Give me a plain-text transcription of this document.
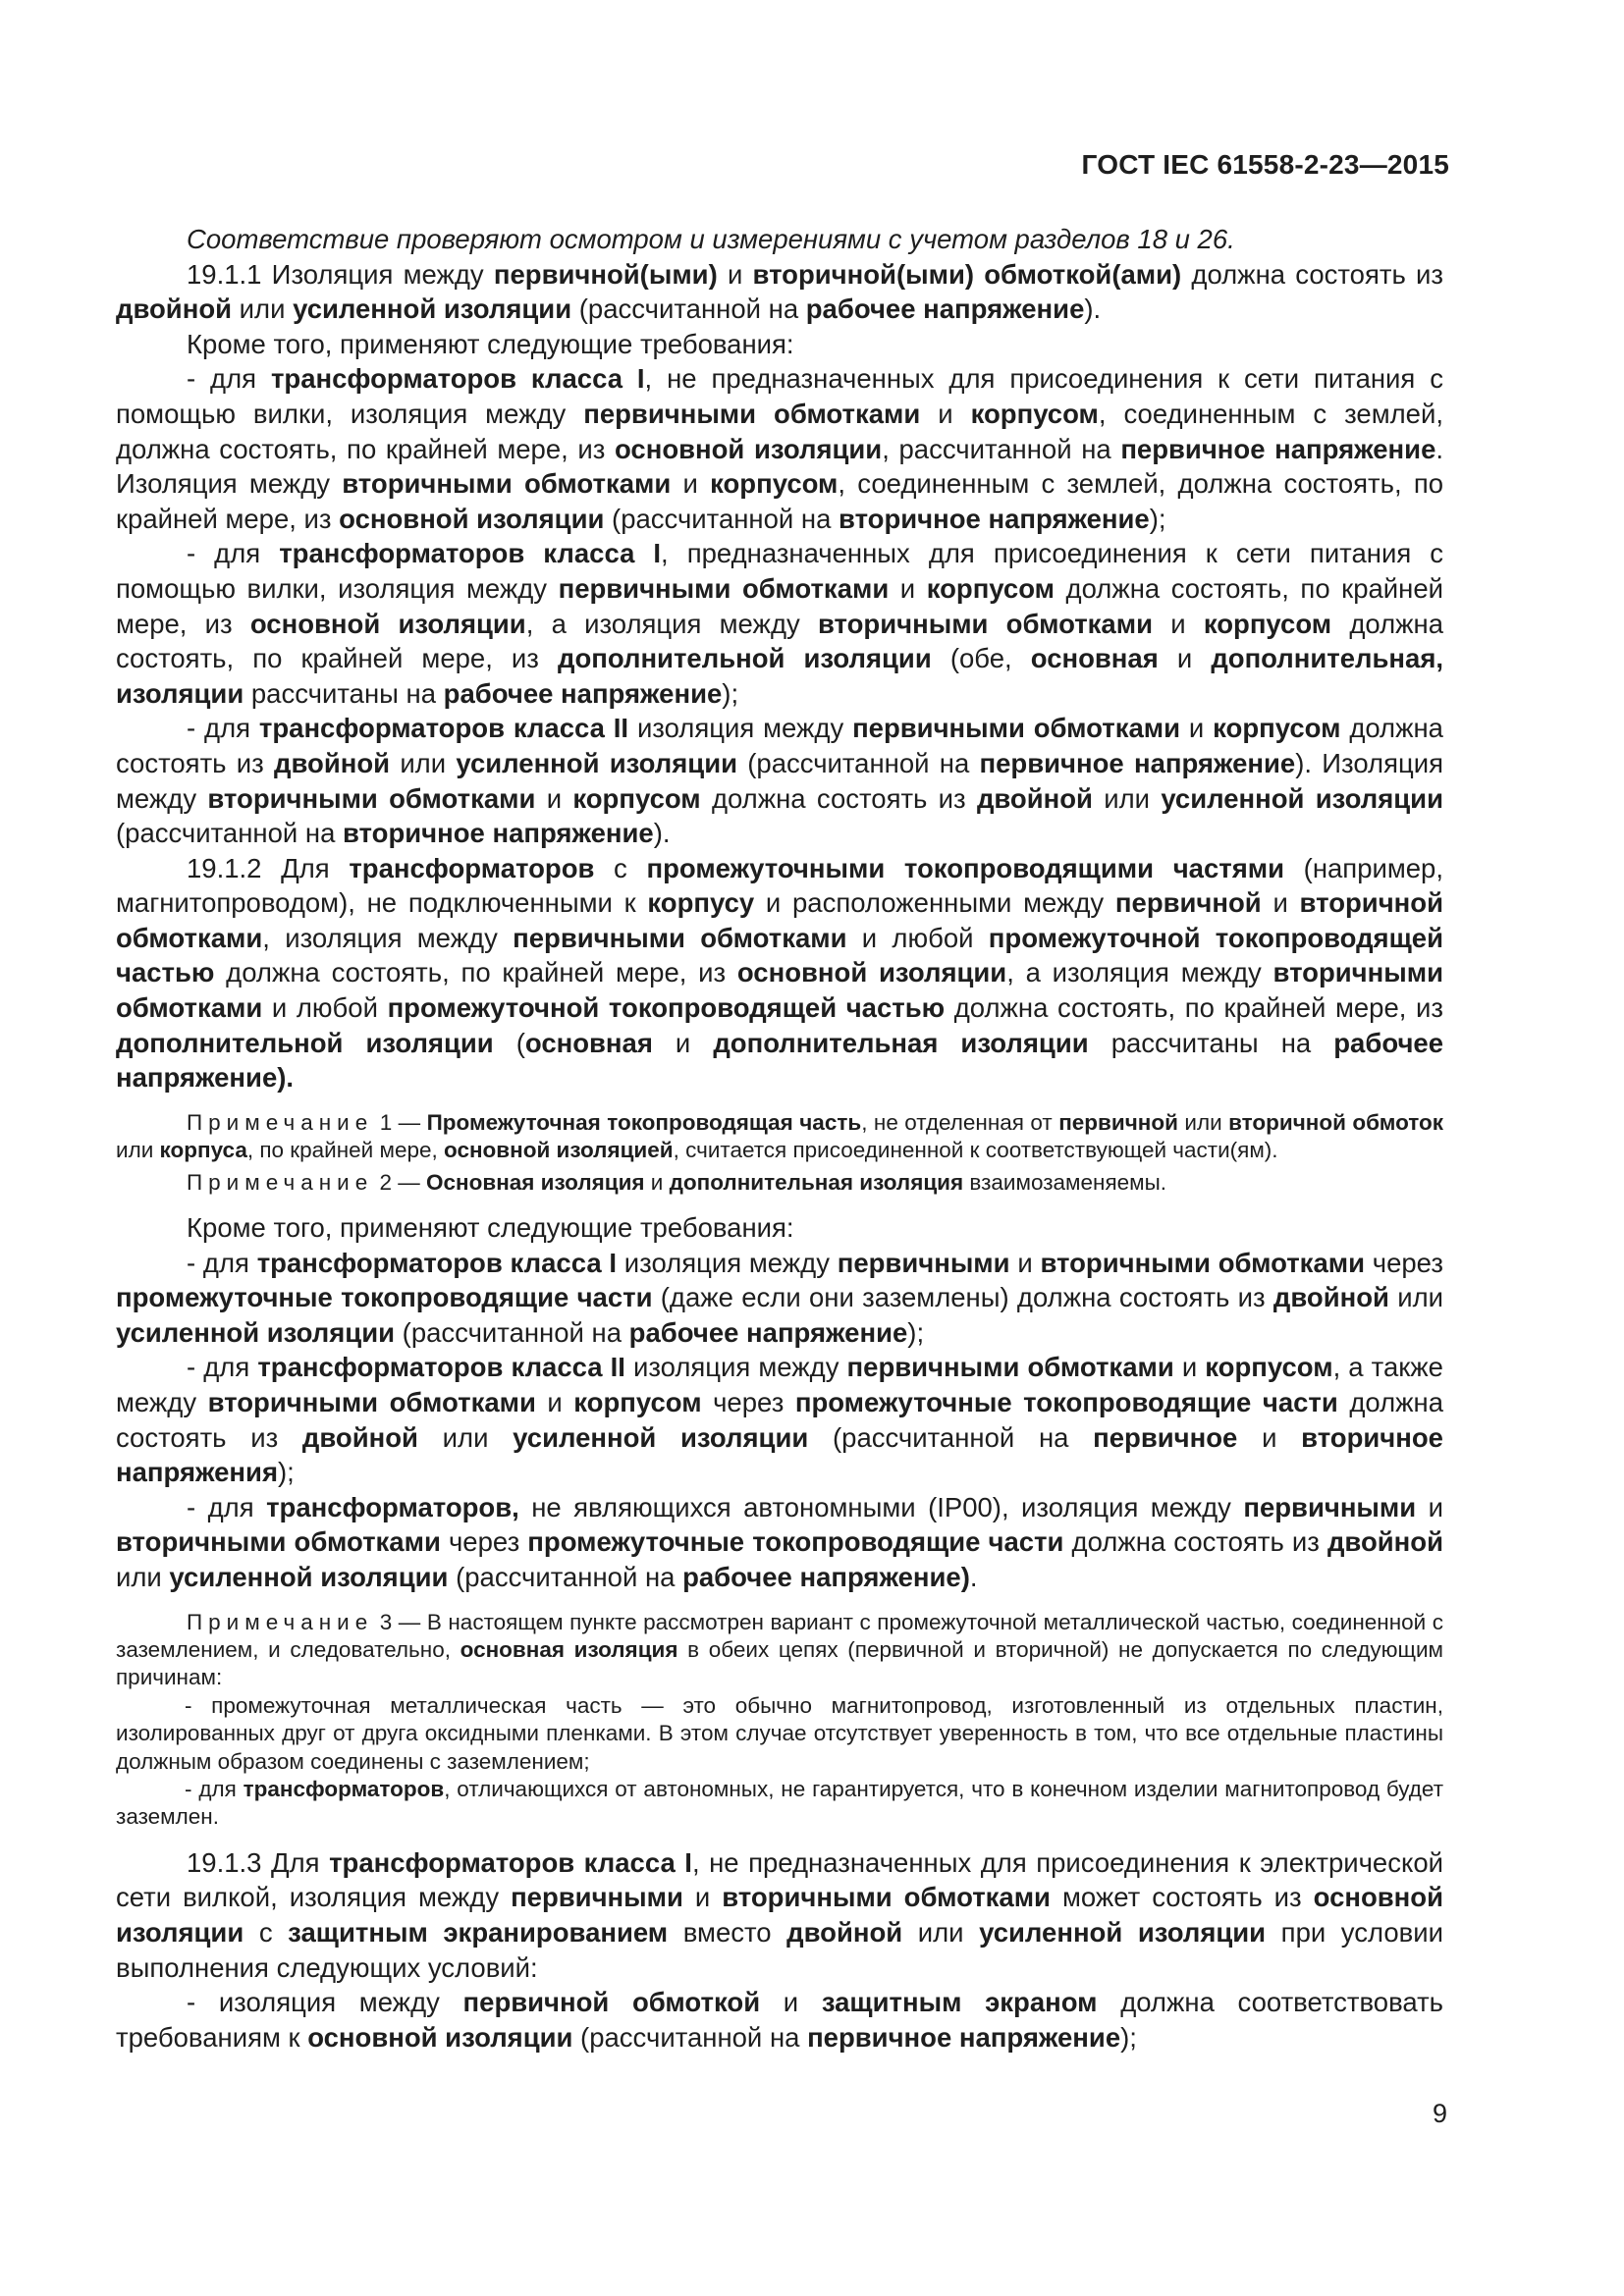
ГОСТ IEC 61558-2-23—2015

Соответствие проверяют осмотром и измерениями с учетом разделов 18 и 26.

19.1.1 Изоляция между первичной(ыми) и вторичной(ыми) обмоткой(ами) должна состоять из двойной или усиленной изоляции (рассчитанной на рабочее напряжение).

Кроме того, применяют следующие требования:

- для трансформаторов класса I, не предназначенных для присоединения к сети питания с помощью вилки, изоляция между первичными обмотками и корпусом, соединенным с землей, должна состоять, по крайней мере, из основной изоляции, рассчитанной на первичное напряжение. Изоляция между вторичными обмотками и корпусом, соединенным с землей, должна состоять, по крайней мере, из основной изоляции (рассчитанной на вторичное напряжение);

- для трансформаторов класса I, предназначенных для присоединения к сети питания с помощью вилки, изоляция между первичными обмотками и корпусом должна состоять, по крайней мере, из основной изоляции, а изоляция между вторичными обмотками и корпусом должна состоять, по крайней мере, из дополнительной изоляции (обе, основная и дополнительная, изоляции рассчитаны на рабочее напряжение);

- для трансформаторов класса II изоляция между первичными обмотками и корпусом должна состоять из двойной или усиленной изоляции (рассчитанной на первичное напряжение). Изоляция между вторичными обмотками и корпусом должна состоять из двойной или усиленной изоляции (рассчитанной на вторичное напряжение).

19.1.2 Для трансформаторов с промежуточными токопроводящими частями (например, магнитопроводом), не подключенными к корпусу и расположенными между первичной и вторичной обмотками, изоляция между первичными обмотками и любой промежуточной токопроводящей частью должна состоять, по крайней мере, из основной изоляции, а изоляция между вторичными обмотками и любой промежуточной токопроводящей частью должна состоять, по крайней мере, из дополнительной изоляции (основная и дополнительная изоляции рассчитаны на рабочее напряжение).

Примечание 1 — Промежуточная токопроводящая часть, не отделенная от первичной или вторичной обмоток или корпуса, по крайней мере, основной изоляцией, считается присоединенной к соответствующей части(ям).

Примечание 2 — Основная изоляция и дополнительная изоляция взаимозаменяемы.

Кроме того, применяют следующие требования:

- для трансформаторов класса I изоляция между первичными и вторичными обмотками через промежуточные токопроводящие части (даже если они заземлены) должна состоять из двойной или усиленной изоляции (рассчитанной на рабочее напряжение);

- для трансформаторов класса II изоляция между первичными обмотками и корпусом, а также между вторичными обмотками и корпусом через промежуточные токопроводящие части должна состоять из двойной или усиленной изоляции (рассчитанной на первичное и вторичное напряжения);

- для трансформаторов, не являющихся автономными (IP00), изоляция между первичными и вторичными обмотками через промежуточные токопроводящие части должна состоять из двойной или усиленной изоляции (рассчитанной на рабочее напряжение).

Примечание 3 — В настоящем пункте рассмотрен вариант с промежуточной металлической частью, соединенной с заземлением, и следовательно, основная изоляция в обеих цепях (первичной и вторичной) не допускается по следующим причинам:

- промежуточная металлическая часть — это обычно магнитопровод, изготовленный из отдельных пластин, изолированных друг от друга оксидными пленками. В этом случае отсутствует уверенность в том, что все отдельные пластины должным образом соединены с заземлением;

- для трансформаторов, отличающихся от автономных, не гарантируется, что в конечном изделии магнитопровод будет заземлен.

19.1.3 Для трансформаторов класса I, не предназначенных для присоединения к электрической сети вилкой, изоляция между первичными и вторичными обмотками может состоять из основной изоляции с защитным экранированием вместо двойной или усиленной изоляции при условии выполнения следующих условий:

- изоляция между первичной обмоткой и защитным экраном должна соответствовать требованиям к основной изоляции (рассчитанной на первичное напряжение);

9
